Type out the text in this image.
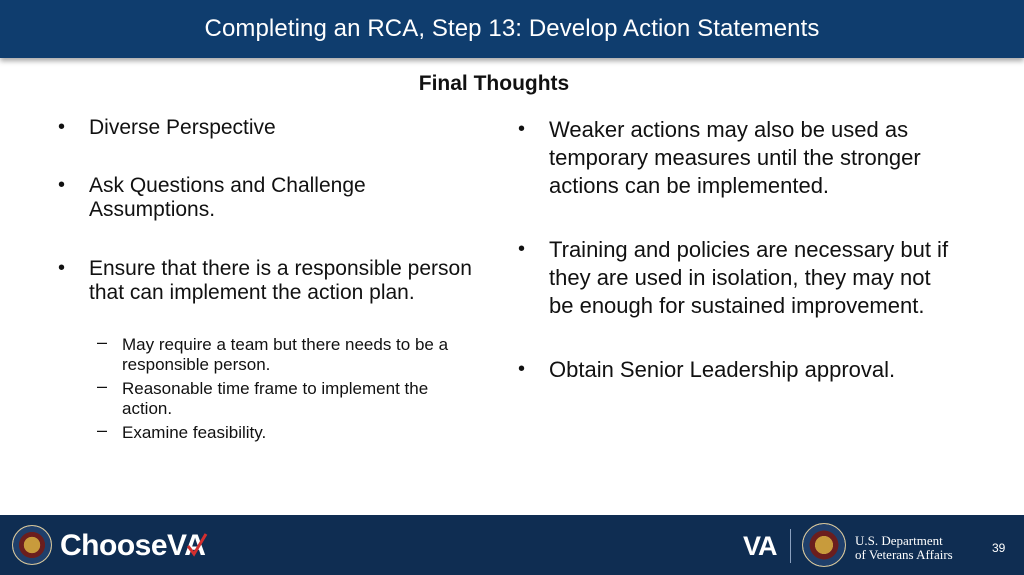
Completing an RCA, Step 13: Develop Action Statements
Final Thoughts
• Diverse Perspective
• Ask Questions and Challenge Assumptions.
• Ensure that there is a responsible person that can implement the action plan.
– May require a team but there needs to be a responsible person.
– Reasonable time frame to implement the action.
– Examine feasibility.
• Weaker actions may also be used as temporary measures until the stronger actions can be implemented.
• Training and policies are necessary but if they are used in isolation, they may not be enough for sustained improvement.
• Obtain Senior Leadership approval.
ChooseVA	VA	U.S. Department
of Veterans Affairs	39
